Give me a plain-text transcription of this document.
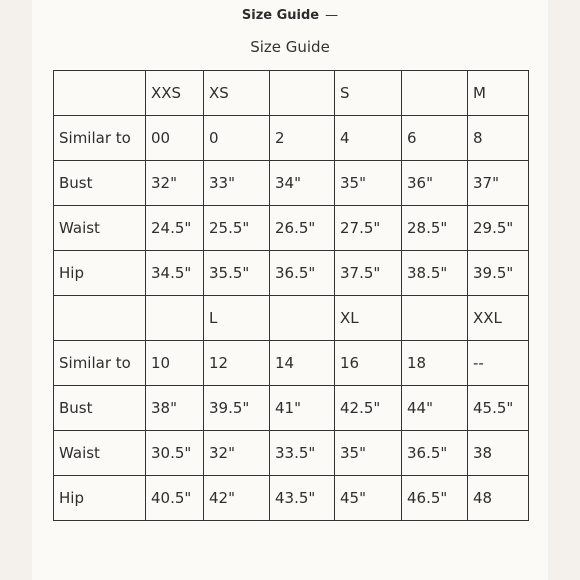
Size Guide —
Size Guide
	XXS	XS		S		M
Similar to	00	0	2	4	6	8
Bust	32"	33"	34"	35"	36"	37"
Waist	24.5"	25.5"	26.5"	27.5"	28.5"	29.5"
Hip	34.5"	35.5"	36.5"	37.5"	38.5"	39.5"
		L		XL		XXL
Similar to	10	12	14	16	18	--
Bust	38"	39.5"	41"	42.5"	44"	45.5"
Waist	30.5"	32"	33.5"	35"	36.5"	38
Hip	40.5"	42"	43.5"	45"	46.5"	48
